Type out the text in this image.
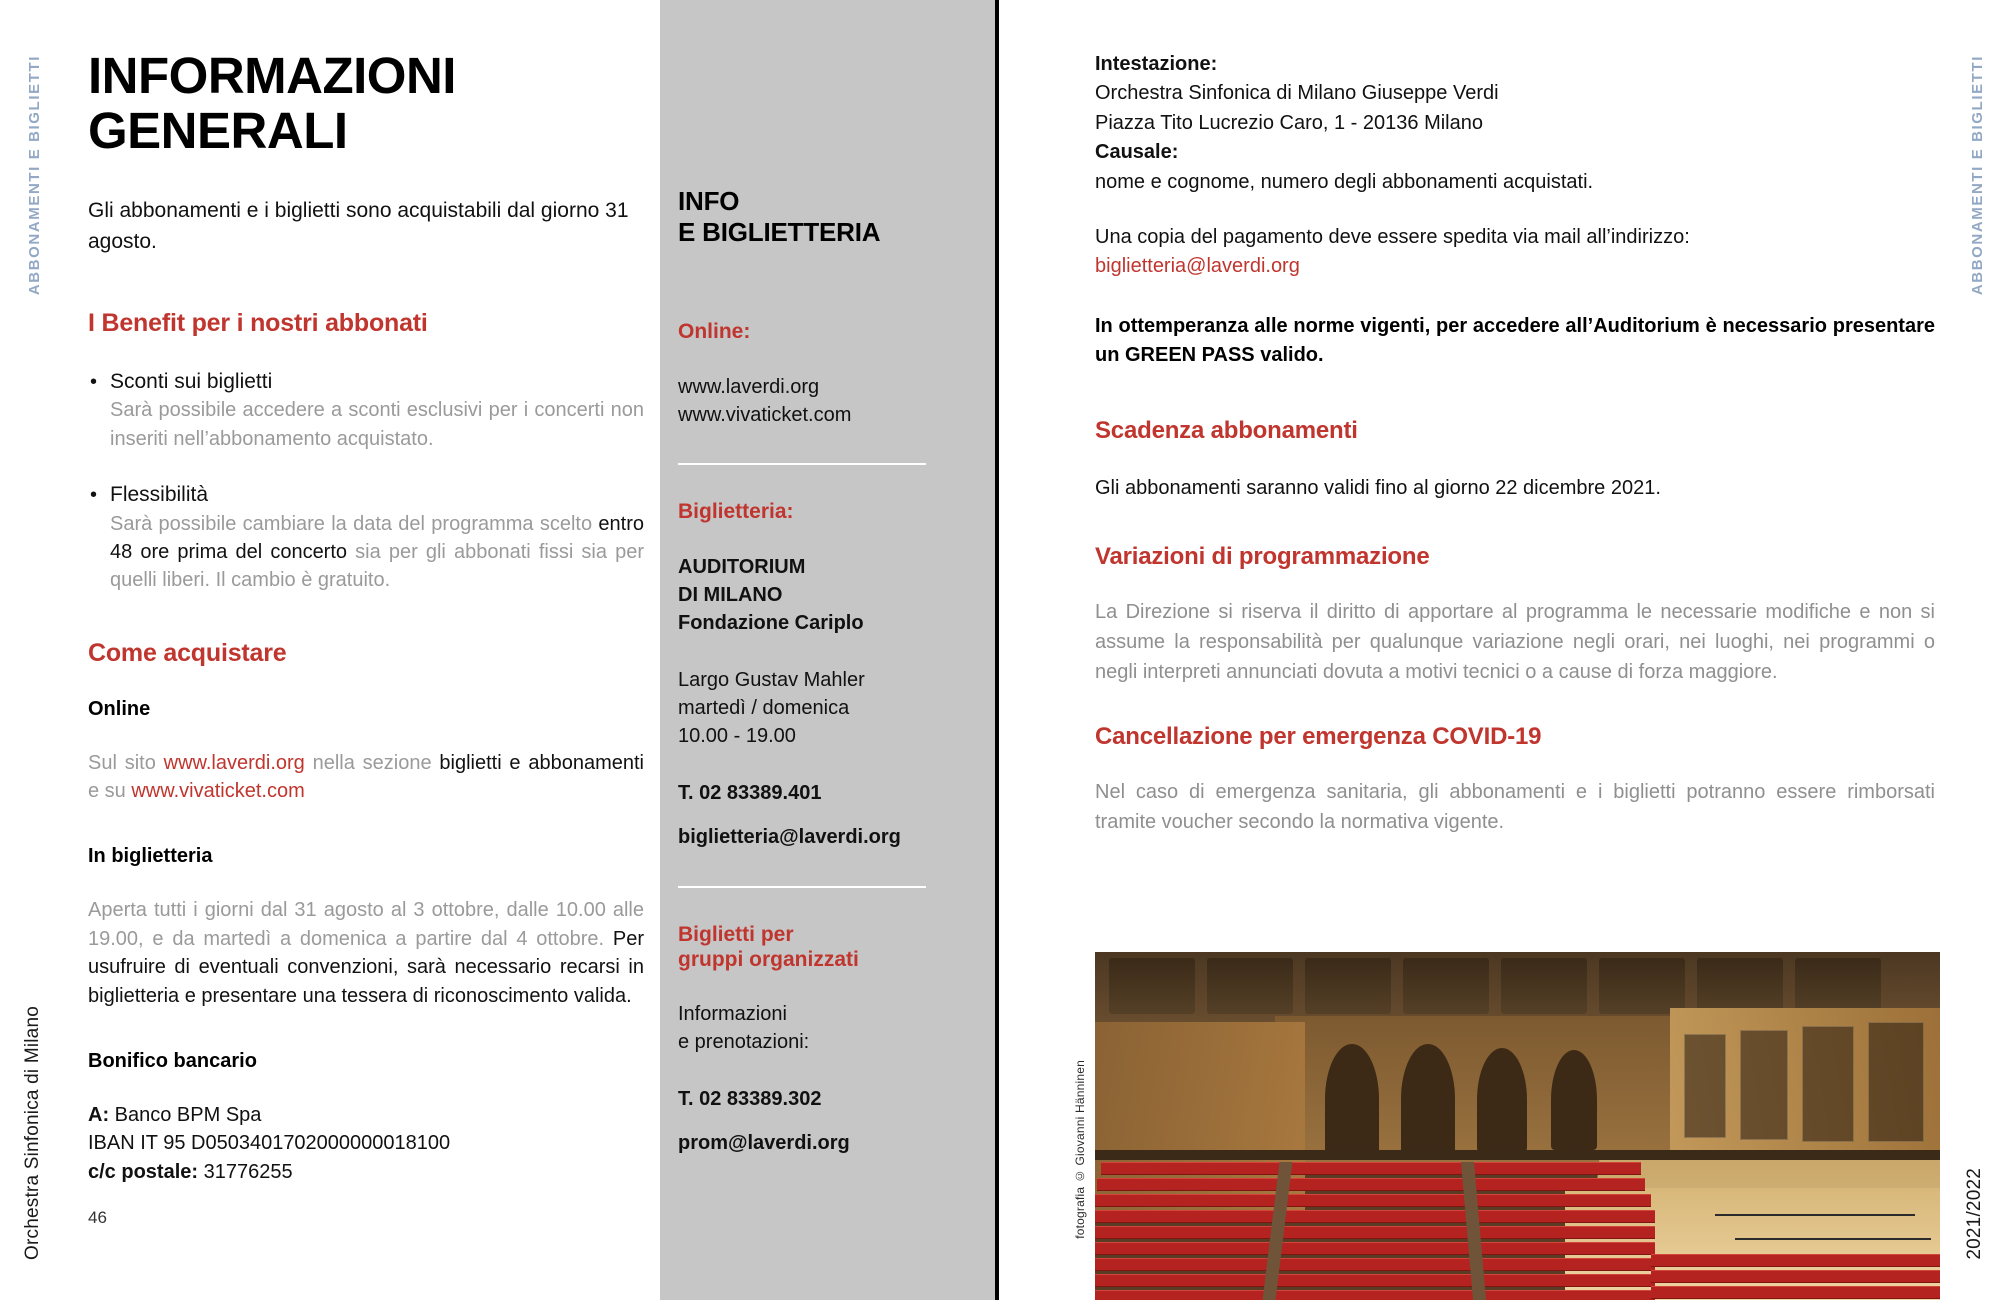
ABBONAMENTI E BIGLIETTI	ABBONAMENTI E BIGLIETTI
Orchestra Sinfonica di Milano	2021/2022
INFORMAZIONI
GENERALI
Gli abbonamenti e i biglietti sono acquistabili dal giorno 31 agosto.
I Benefit per i nostri abbonati
• Sconti sui biglietti
Sarà possibile accedere a sconti esclusivi per i concerti non inseriti nell’abbonamento acquistato.
• Flessibilità
Sarà possibile cambiare la data del programma scelto entro 48 ore prima del concerto sia per gli abbonati fissi sia per quelli liberi. Il cambio è gratuito.
Come acquistare
Online

Sul sito www.laverdi.org nella sezione biglietti e abbonamenti e su www.vivaticket.com

In biglietteria

Aperta tutti i giorni dal 31 agosto al 3 ottobre, dalle 10.00 alle 19.00, e da martedì a domenica a partire dal 4 ottobre. Per usufruire di eventuali convenzioni, sarà necessario recarsi in biglietteria e presentare una tessera di riconoscimento valida.

Bonifico bancario
A: Banco BPM Spa
IBAN IT 95 D0503401702000000018100
c/c postale: 31776255
46
INFO
E BIGLIETTERIA
Online:
www.laverdi.org
www.vivaticket.com
Biglietteria:
AUDITORIUM
DI MILANO
Fondazione Cariplo
Largo Gustav Mahler
martedì / domenica
10.00 - 19.00
T. 02 83389.401
biglietteria@laverdi.org
Biglietti per
gruppi organizzati
Informazioni
e prenotazioni:
T. 02 83389.302
prom@laverdi.org
Intestazione:
Orchestra Sinfonica di Milano Giuseppe Verdi
Piazza Tito Lucrezio Caro, 1 - 20136 Milano
Causale:
nome e cognome, numero degli abbonamenti acquistati.
Una copia del pagamento deve essere spedita via mail all’indirizzo:
biglietteria@laverdi.org
In ottemperanza alle norme vigenti, per accedere all’Auditorium è necessario presentare un GREEN PASS valido.
Scadenza abbonamenti

Gli abbonamenti saranno validi fino al giorno 22 dicembre 2021.

Variazioni di programmazione

La Direzione si riserva il diritto di apportare al programma le necessarie modifiche e non si assume la responsabilità per qualunque variazione negli orari, nei luoghi, nei programmi o negli interpreti annunciati dovuta a motivi tecnici o a cause di forza maggiore.

Cancellazione per emergenza COVID-19

Nel caso di emergenza sanitaria, gli abbonamenti e i biglietti potranno essere rimborsati tramite voucher secondo la normativa vigente.

fotografia © Giovanni Hänninen
